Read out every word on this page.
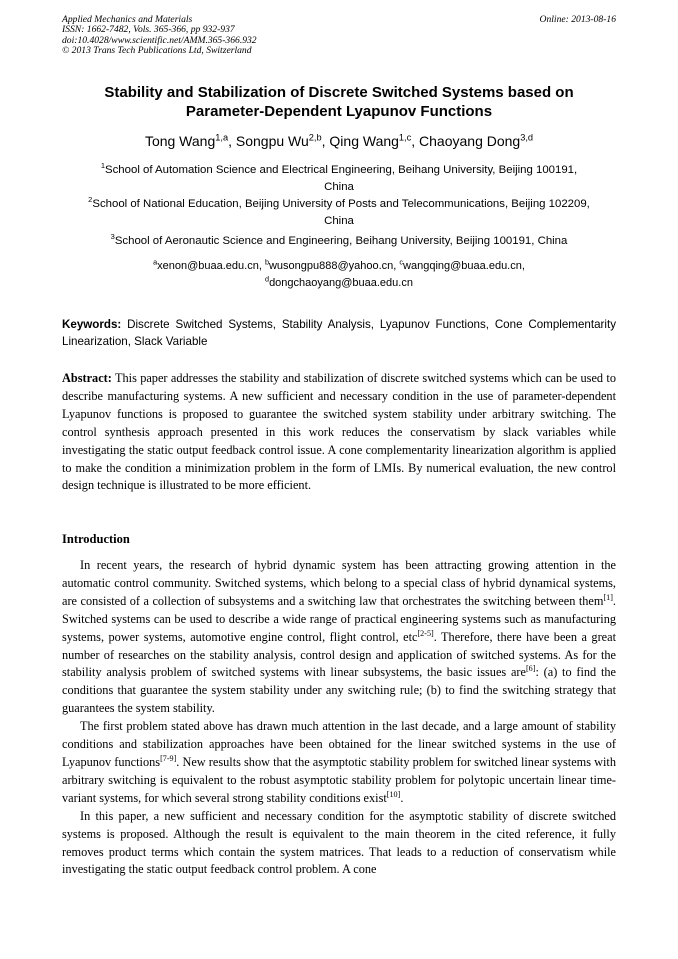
Applied Mechanics and Materials
ISSN: 1662-7482, Vols. 365-366, pp 932-937
doi:10.4028/www.scientific.net/AMM.365-366.932
© 2013 Trans Tech Publications Ltd, Switzerland
Online: 2013-08-16
Stability and Stabilization of Discrete Switched Systems based on
Parameter-Dependent Lyapunov Functions
Tong Wang$^{1,a}$, Songpu Wu$^{2,b}$, Qing Wang$^{1,c}$, Chaoyang Dong$^{3,d}$
$^1$School of Automation Science and Electrical Engineering, Beihang University, Beijing 100191,
China
$^2$School of National Education, Beijing University of Posts and Telecommunications, Beijing 102209,
China
$^3$School of Aeronautic Science and Engineering, Beihang University, Beijing 100191, China
$^a$xenon@buaa.edu.cn, $^b$wusongpu888@yahoo.cn, $^c$wangqing@buaa.edu.cn,
$^d$dongchaoyang@buaa.edu.cn
Keywords: Discrete Switched Systems, Stability Analysis, Lyapunov Functions, Cone Complementarity Linearization, Slack Variable
Abstract: This paper addresses the stability and stabilization of discrete switched systems which can be used to describe manufacturing systems. A new sufficient and necessary condition in the use of parameter-dependent Lyapunov functions is proposed to guarantee the switched system stability under arbitrary switching. The control synthesis approach presented in this work reduces the conservatism by slack variables while investigating the static output feedback control issue. A cone complementarity linearization algorithm is applied to make the condition a minimization problem in the form of LMIs. By numerical evaluation, the new control design technique is illustrated to be more efficient.
Introduction

In recent years, the research of hybrid dynamic system has been attracting growing attention in the automatic control community. Switched systems, which belong to a special class of hybrid dynamical systems, are consisted of a collection of subsystems and a switching law that orchestrates the switching between them[1]. Switched systems can be used to describe a wide range of practical engineering systems such as manufacturing systems, power systems, automotive engine control, flight control, etc[2-5]. Therefore, there have been a great number of researches on the stability analysis, control design and application of switched systems. As for the stability analysis problem of switched systems with linear subsystems, the basic issues are[6]: (a) to find the conditions that guarantee the system stability under any switching rule; (b) to find the switching strategy that guarantees the system stability.

The first problem stated above has drawn much attention in the last decade, and a large amount of stability conditions and stabilization approaches have been obtained for the linear switched systems in the use of Lyapunov functions[7-9]. New results show that the asymptotic stability problem for switched linear systems with arbitrary switching is equivalent to the robust asymptotic stability problem for polytopic uncertain linear time-variant systems, for which several strong stability conditions exist[10].

In this paper, a new sufficient and necessary condition for the asymptotic stability of discrete switched systems is proposed. Although the result is equivalent to the main theorem in the cited reference, it fully removes product terms which contain the system matrices. That leads to a reduction of conservatism while investigating the static output feedback control problem. A cone
